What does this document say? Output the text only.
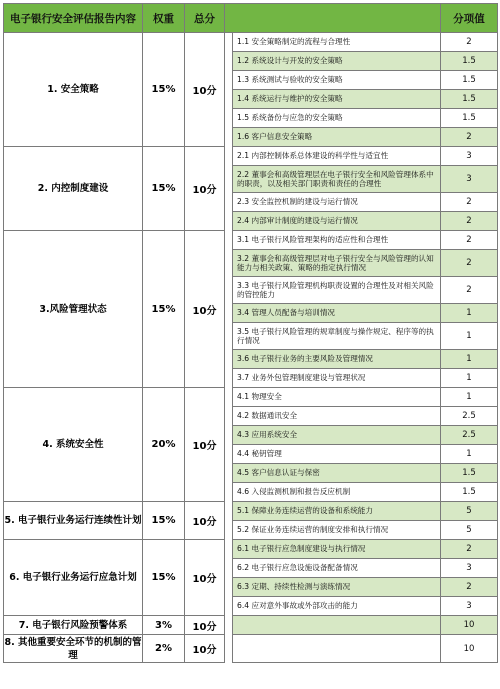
电子银行安全评估报告内容	权重	总分			分项值
1. 安全策略	15%	10分		1.1 安全策略制定的流程与合理性	2
				1.2 系统设计与开发的安全策略	1.5
				1.3 系统测试与验收的安全策略	1.5
				1.4 系统运行与维护的安全策略	1.5
				1.5 系统备份与应急的安全策略	1.5
				1.6 客户信息安全策略	2
2. 内控制度建设	15%	10分		2.1 内部控制体系总体建设的科学性与适宜性	3
				2.2 董事会和高级管理层在电子银行安全和风险管理体系中的职责，以及相关部门职责和责任的合理性	3
				2.3 安全监控机制的建设与运行情况	2
				2.4 内部审计制度的建设与运行情况	2
3.风险管理状态	15%	10分		3.1 电子银行风险管理架构的适应性和合理性	2
				3.2 董事会和高级管理层对电子银行安全与风险管理的认知能力与相关政策、策略的指定执行情况	2
				3.3 电子银行风险管理机构职责设置的合理性及对相关风险的管控能力	2
				3.4 管理人员配备与培训情况	1
				3.5 电子银行风险管理的规章制度与操作规定、程序等的执行情况	1
				3.6 电子银行业务的主要风险及管理情况	1
				3.7 业务外包管理制度建设与管理状况	1
4. 系统安全性	20%	10分		4.1 物理安全	1
				4.2 数据通讯安全	2.5
				4.3 应用系统安全	2.5
				4.4 秘钥管理	1
				4.5 客户信息认证与保密	1.5
				4.6 入侵监测机制和报告反应机制	1.5
5. 电子银行业务运行连续性计划	15%	10分		5.1 保障业务连续运营的设备和系统能力	5
				5.2 保证业务连续运营的制度安排和执行情况	5
6. 电子银行业务运行应急计划	15%	10分		6.1 电子银行应急制度建设与执行情况	2
				6.2 电子银行应急设施设备配备情况	3
				6.3 定期、持续性检测与演练情况	2
				6.4 应对意外事故或外部攻击的能力	3
7. 电子银行风险预警体系	3%	10分			10
8. 其他重要安全环节的机制的管理	2%	10分			10
